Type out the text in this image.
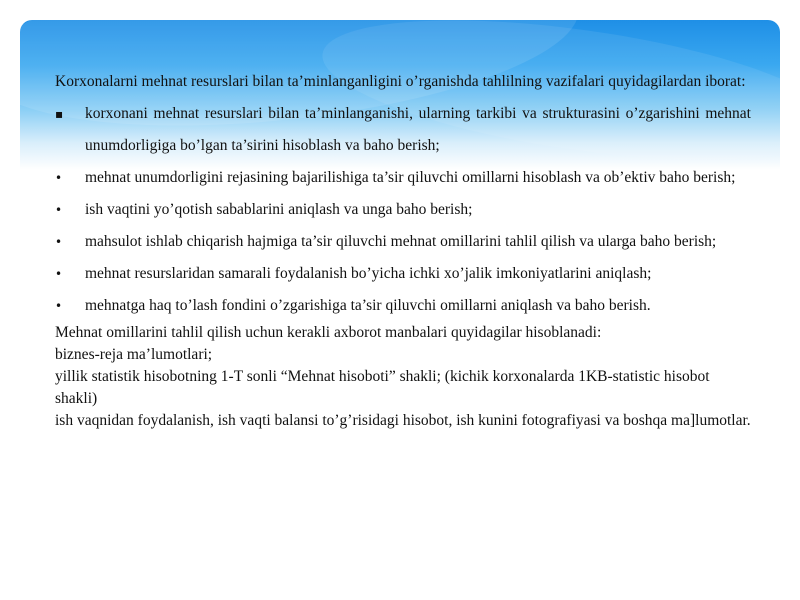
Korxonalarni mehnat resurslari bilan ta’minlanganligini o’rganishda tahlilning vazifalari quyidagilardan iborat:

▪	korxonani mehnat resurslari bilan ta’minlanganishi, ularning tarkibi va strukturasini o’zgarishini mehnat unumdorligiga bo’lgan ta’sirini hisoblash va baho berish;
•	mehnat unumdorligini rejasining bajarilishiga ta’sir qiluvchi omillarni hisoblash va ob’ektiv baho berish;
•	ish vaqtini yo’qotish sabablarini aniqlash va unga baho berish;
•	mahsulot ishlab chiqarish hajmiga ta’sir qiluvchi mehnat omillarini tahlil qilish va ularga baho berish;
•	mehnat resurslaridan samarali foydalanish bo’yicha ichki xo’jalik imkoniyatlarini aniqlash;
•	mehnatga haq to’lash fondini o’zgarishiga ta’sir qiluvchi omillarni aniqlash va baho berish.

Mehnat omillarini tahlil qilish uchun kerakli axborot manbalari quyidagilar hisoblanadi:

biznes-reja ma’lumotlari;

yillik statistik hisobotning 1-T sonli “Mehnat hisoboti” shakli; (kichik korxonalarda 1KB-statistic hisobot shakli)

ish vaqnidan foydalanish, ish vaqti balansi to’g’risidagi hisobot, ish kunini fotografiyasi va boshqa ma]lumotlar.
